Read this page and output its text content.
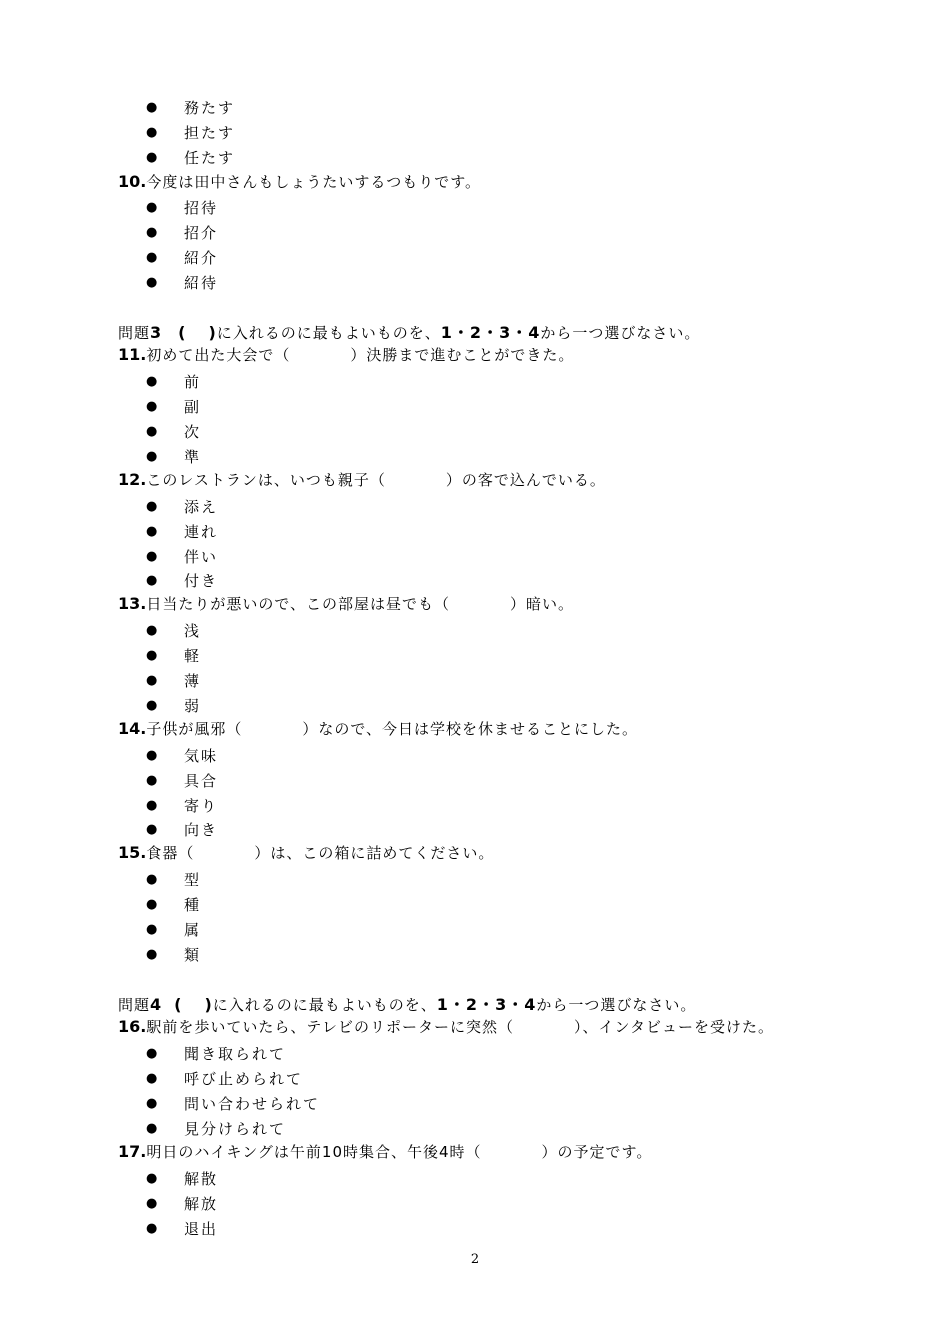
● 務たす
● 担たす
● 任たす
10.今度は田中さんもしょうたいするつもりです。
● 招待
● 招介
● 紹介
● 紹待
問題3 ( )に入れるのに最もよいものを、1・2・3・4から一つ選びなさい。
11.初めて出た大会で（	）決勝まで進むことができた。
● 前
● 副
● 次
● 準
12.このレストランは、いつも親子（	）の客で込んでいる。
● 添え
● 連れ
● 伴い
● 付き
13.日当たりが悪いので、この部屋は昼でも（	）暗い。
● 浅
● 軽
● 薄
● 弱
14.子供が風邪（	）なので、今日は学校を休ませることにした。
● 気味
● 具合
● 寄り
● 向き
15.食器（	）は、この箱に詰めてください。
● 型
● 種
● 属
● 類
問題4 ( )に入れるのに最もよいものを、1・2・3・4から一つ選びなさい。
16.駅前を歩いていたら、テレビのリポーターに突然（	）、インタビューを受けた。
● 聞き取られて
● 呼び止められて
● 問い合わせられて
● 見分けられて
17.明日のハイキングは午前10時集合、午後4時（	）の予定です。
● 解散
● 解放
● 退出
2
